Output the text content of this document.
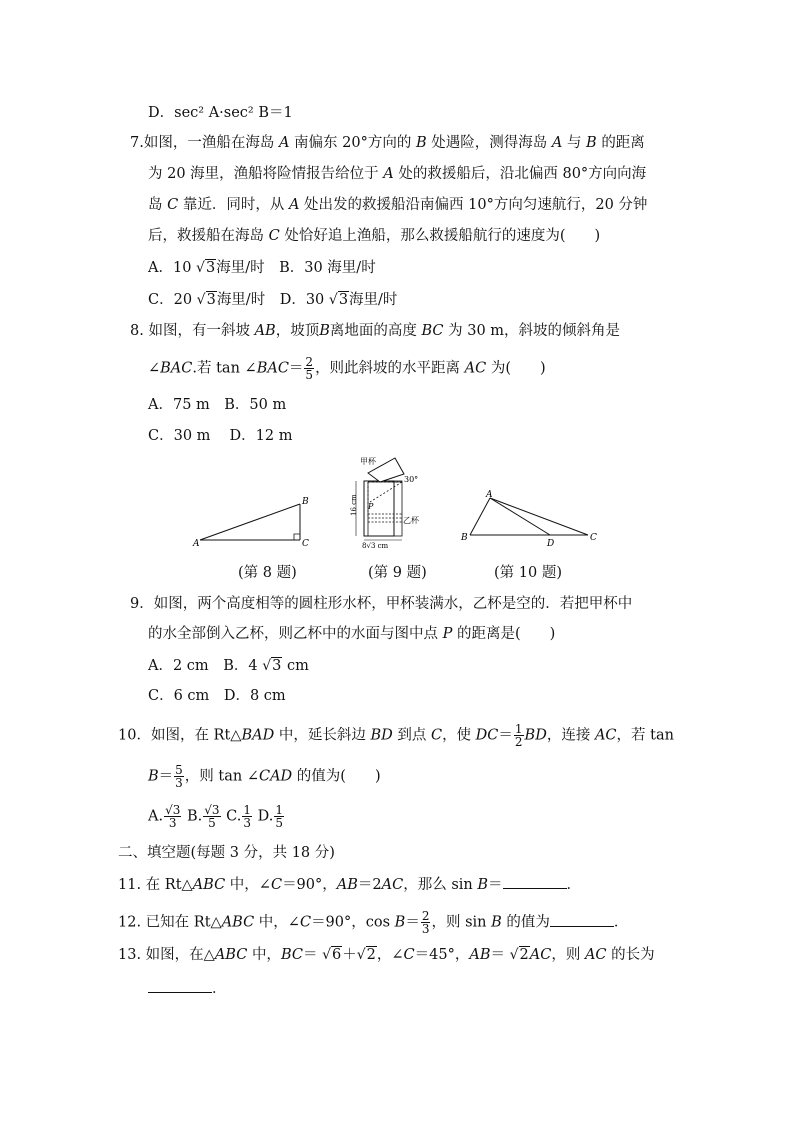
D．sec² A·sec² B＝1
7.如图，一渔船在海岛 A 南偏东 20°方向的 B 处遇险，测得海岛 A 与 B 的距离
为 20 海里，渔船将险情报告给位于 A 处的救援船后，沿北偏西 80°方向向海
岛 C 靠近．同时，从 A 处出发的救援船沿南偏西 10°方向匀速航行，20 分钟
后，救援船在海岛 C 处恰好追上渔船，那么救援船航行的速度为(　　)
A．10 √3海里/时　 B．30 海里/时
C．20 √3海里/时　 D．30 √3海里/时
8. 如图，有一斜坡 AB，坡顶B离地面的高度 BC 为 30 m，斜坡的倾斜角是
∠BAC.若 tan ∠BAC＝ $\frac{2}{5}$ ，则此斜坡的水平距离 AC 为(　　)
A．75 m　 B．50 m
C．30 m　 D．12 m
A
B
C
(第 8 题)
甲杯
P
30°
乙杯
16 cm
8√3 cm
(第 9 题)
A
B	C
D
(第 10 题)
9．如图，两个高度相等的圆柱形水杯，甲杯装满水，乙杯是空的．若把甲杯中
的水全部倒入乙杯，则乙杯中的水面与图中点 P 的距离是(　　)
A．2 cm　 B．4 √3 cm
C．6 cm　 D．8 cm
10．如图，在 Rt△BAD 中，延长斜边 BD 到点 C，使 $DC= \frac{1}{2}$ BD，连接 AC，若 tan
$B= \frac{5}{3}$ ，则 tan ∠CAD 的值为(　　)
A. $\frac{√3}{3} B$. $\frac{√3}{5} C$. $\frac{1}{3} D$. $\frac{1}{5}$
二、填空题(每题 3 分，共 18 分)
11. 在 Rt△ABC 中，∠C＝90°，AB＝2AC，那么 sin B＝	．
12. 已知在 Rt△ABC 中，∠C＝90°，$\cos B= \frac{2}{3}$ ，则 sin B 的值为	．
13. 如图，在△ABC 中，BC＝ √6＋√2，∠C＝45°，AB＝ √2AC，则 AC 的长为
．
